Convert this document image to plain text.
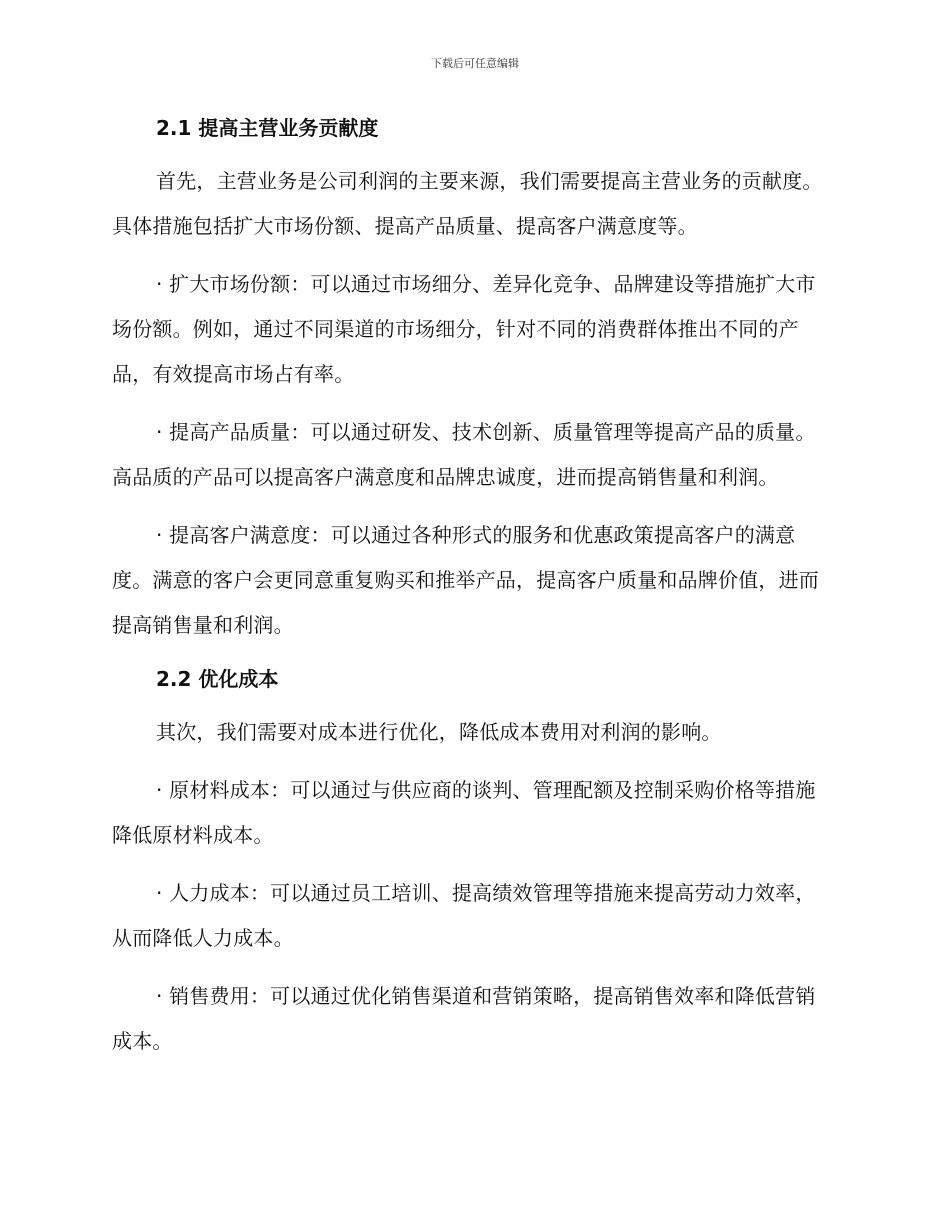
下载后可任意编辑
2.1 提高主营业务贡献度

首先，主营业务是公司利润的主要来源，我们需要提高主营业务的贡献度。具体措施包括扩大市场份额、提高产品质量、提高客户满意度等。

· 扩大市场份额：可以通过市场细分、差异化竞争、品牌建设等措施扩大市场份额。例如，通过不同渠道的市场细分，针对不同的消费群体推出不同的产品，有效提高市场占有率。

· 提高产品质量：可以通过研发、技术创新、质量管理等提高产品的质量。高品质的产品可以提高客户满意度和品牌忠诚度，进而提高销售量和利润。

· 提高客户满意度：可以通过各种形式的服务和优惠政策提高客户的满意度。满意的客户会更同意重复购买和推举产品，提高客户质量和品牌价值，进而提高销售量和利润。

2.2 优化成本

其次，我们需要对成本进行优化，降低成本费用对利润的影响。

· 原材料成本：可以通过与供应商的谈判、管理配额及控制采购价格等措施降低原材料成本。

· 人力成本：可以通过员工培训、提高绩效管理等措施来提高劳动力效率，从而降低人力成本。

· 销售费用：可以通过优化销售渠道和营销策略，提高销售效率和降低营销成本。
